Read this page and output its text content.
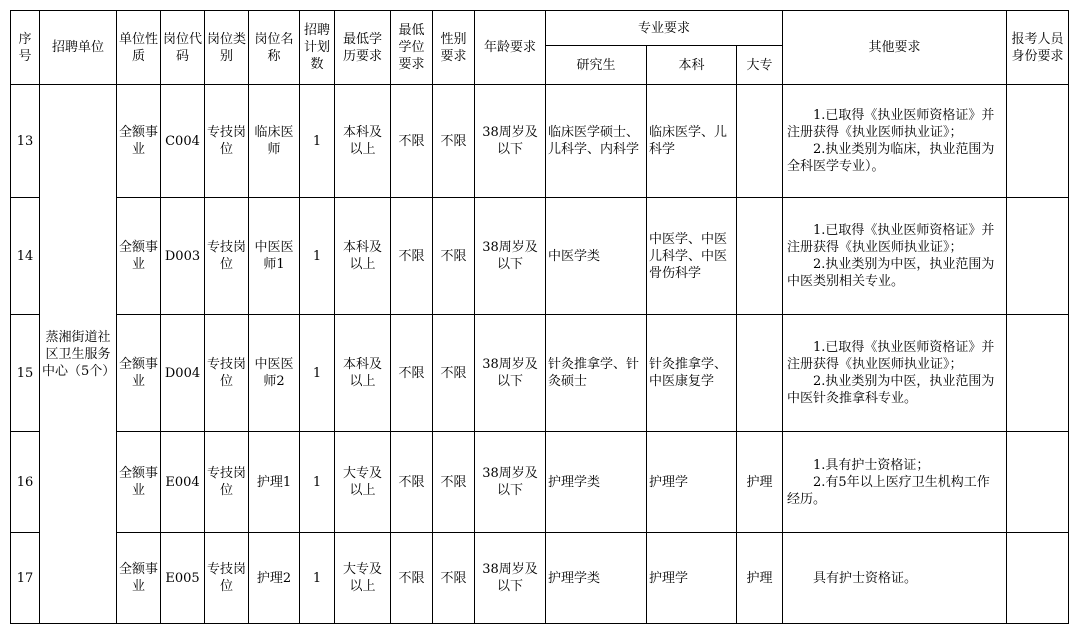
序号	招聘单位	单位性质	岗位代码	岗位类别	岗位名称	招聘计划数	最低学历要求	最低学位要求	性别要求	年龄要求	专业要求			其他要求	报考人员身份要求
											研究生	本科	大专		
13	蒸湘街道社区卫生服务中心（5个）	全额事业	C004	专技岗位	临床医师	1	本科及以上	不限	不限	38周岁及以下	临床医学硕士、儿科学、内科学	临床医学、儿科学		1.已取得《执业医师资格证》并注册获得《执业医师执业证》；
2.执业类别为临床，执业范围为全科医学专业）。	

14		全额事业	D003	专技岗位	中医医师1	1	本科及以上	不限	不限	38周岁及以下	中医学类	中医学、中医儿科学、中医骨伤科学		1.已取得《执业医师资格证》并注册获得《执业医师执业证》；
2.执业类别为中医，执业范围为中医类别相关专业。	

15		全额事业	D004	专技岗位	中医医师2	1	本科及以上	不限	不限	38周岁及以下	针灸推拿学、针灸硕士	针灸推拿学、中医康复学		1.已取得《执业医师资格证》并注册获得《执业医师执业证》；
2.执业类别为中医，执业范围为中医针灸推拿科专业。	

16		全额事业	E004	专技岗位	护理1	1	大专及以上	不限	不限	38周岁及以下	护理学类	护理学	护理	1.具有护士资格证；
2.有5年以上医疗卫生机构工作经历。	

17		全额事业	E005	专技岗位	护理2	1	大专及以上	不限	不限	38周岁及以下	护理学类	护理学	护理	具有护士资格证。	
